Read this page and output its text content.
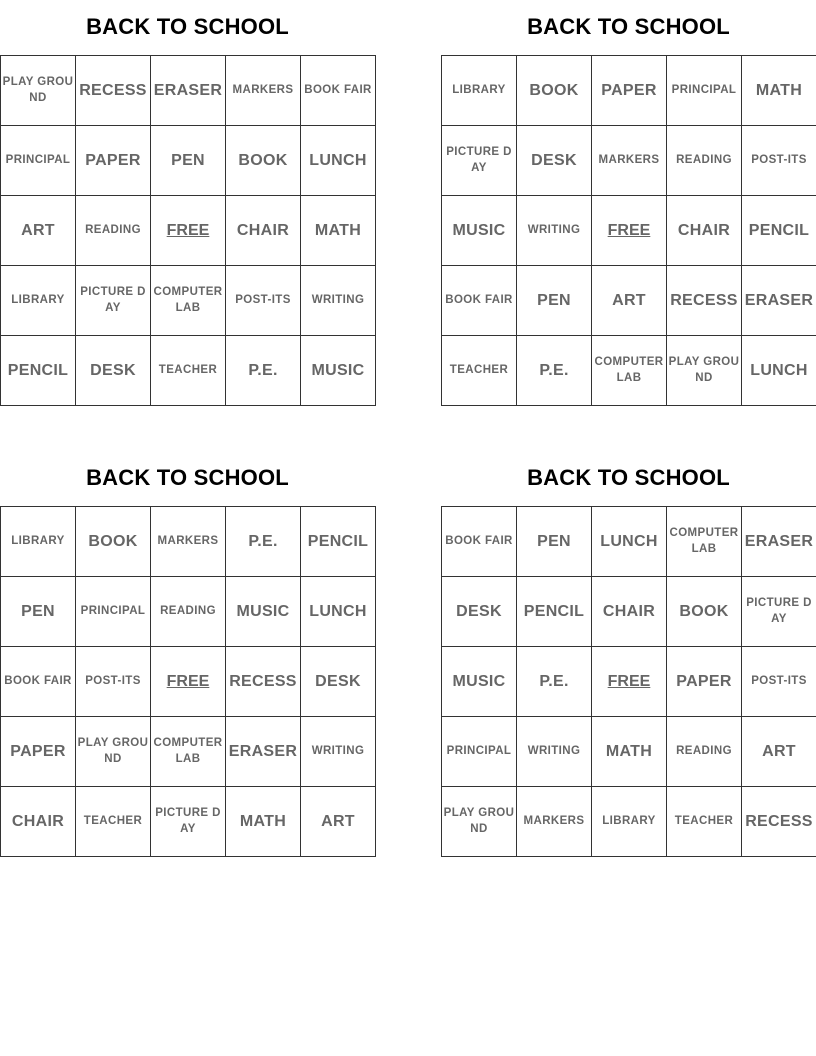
BACK TO SCHOOL
PLAY GROUND	RECESS	ERASER	MARKERS	BOOK FAIR
PRINCIPAL	PAPER	PEN	BOOK	LUNCH
ART	READING	FREE	CHAIR	MATH
LIBRARY	PICTURE DAY	COMPUTER LAB	POST-ITS	WRITING
PENCIL	DESK	TEACHER	P.E.	MUSIC
BACK TO SCHOOL
LIBRARY	BOOK	PAPER	PRINCIPAL	MATH
PICTURE DAY	DESK	MARKERS	READING	POST-ITS
MUSIC	WRITING	FREE	CHAIR	PENCIL
BOOK FAIR	PEN	ART	RECESS	ERASER
TEACHER	P.E.	COMPUTER LAB	PLAY GROUND	LUNCH
BACK TO SCHOOL
LIBRARY	BOOK	MARKERS	P.E.	PENCIL
PEN	PRINCIPAL	READING	MUSIC	LUNCH
BOOK FAIR	POST-ITS	FREE	RECESS	DESK
PAPER	PLAY GROUND	COMPUTER LAB	ERASER	WRITING
CHAIR	TEACHER	PICTURE DAY	MATH	ART
BACK TO SCHOOL
BOOK FAIR	PEN	LUNCH	COMPUTER LAB	ERASER
DESK	PENCIL	CHAIR	BOOK	PICTURE DAY
MUSIC	P.E.	FREE	PAPER	POST-ITS
PRINCIPAL	WRITING	MATH	READING	ART
PLAY GROUND	MARKERS	LIBRARY	TEACHER	RECESS
